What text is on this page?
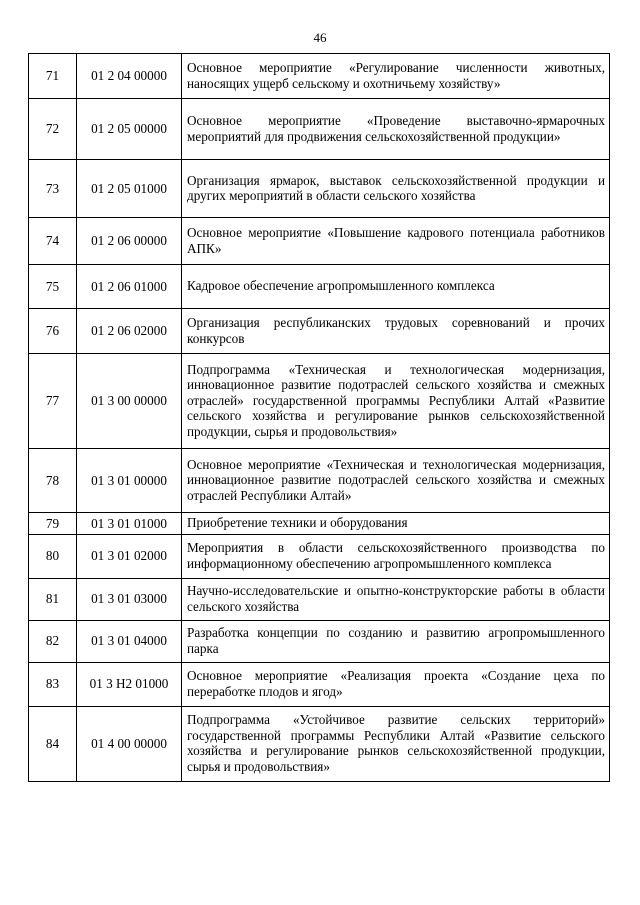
46
71	01 2 04 00000	Основное мероприятие «Регулирование численности животных, наносящих ущерб сельскому и охотничьему хозяйству»
72	01 2 05 00000	Основное мероприятие «Проведение выставочно-ярмарочных мероприятий для продвижения сельскохозяйственной продукции»
73	01 2 05 01000	Организация ярмарок, выставок сельскохозяйственной продукции и других мероприятий в области сельского хозяйства
74	01 2 06 00000	Основное мероприятие «Повышение кадрового потенциала работников АПК»
75	01 2 06 01000	Кадровое обеспечение агропромышленного комплекса
76	01 2 06 02000	Организация республиканских трудовых соревнований и прочих конкурсов
77	01 3 00 00000	Подпрограмма «Техническая и технологическая модернизация, инновационное развитие подотраслей сельского хозяйства и смежных отраслей» государственной программы Республики Алтай «Развитие сельского хозяйства и регулирование рынков сельскохозяйственной продукции, сырья и продовольствия»
78	01 3 01 00000	Основное мероприятие «Техническая и технологическая модернизация, инновационное развитие подотраслей сельского хозяйства и смежных отраслей Республики Алтай»
79	01 3 01 01000	Приобретение техники и оборудования
80	01 3 01 02000	Мероприятия в области сельскохозяйственного производства по информационному обеспечению агропромышленного комплекса
81	01 3 01 03000	Научно-исследовательские и опытно-конструкторские работы в области сельского хозяйства
82	01 3 01 04000	Разработка концепции по созданию и развитию агропромышленного парка
83	01 3 Н2 01000	Основное мероприятие «Реализация проекта «Создание цеха по переработке плодов и ягод»
84	01 4 00 00000	Подпрограмма «Устойчивое развитие сельских территорий» государственной программы Республики Алтай «Развитие сельского хозяйства и регулирование рынков сельскохозяйственной продукции, сырья и продовольствия»
